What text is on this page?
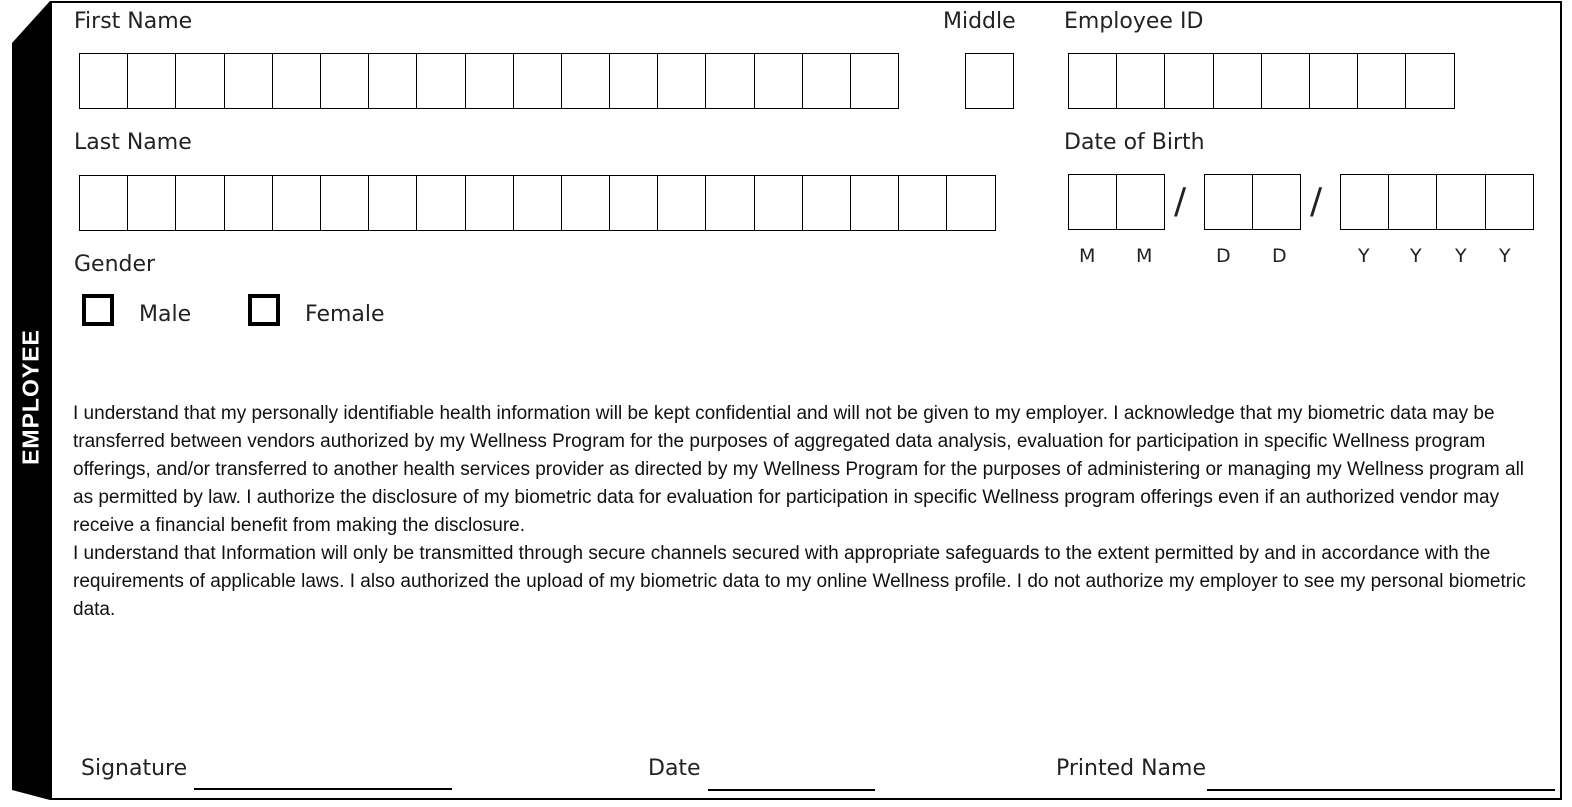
EMPLOYEE
First Name	Middle Employee ID
Last Name	Date of Birth
/	/
M M	D D	Y Y Y Y
Gender
Male	Female

I understand that my personally identifiable health information will be kept confidential and will not be given to my employer. I acknowledge that my biometric data may be transferred between vendors authorized by my Wellness Program for the purposes of aggregated data analysis, evaluation for participation in specific Wellness program offerings, and/or transferred to another health services provider as directed by my Wellness Program for the purposes of administering or managing my Wellness program all as permitted by law. I authorize the disclosure of my biometric data for evaluation for participation in specific Wellness program offerings even if an authorized vendor may receive a financial benefit from making the disclosure.

I understand that Information will only be transmitted through secure channels secured with appropriate safeguards to the extent permitted by and in accordance with the requirements of applicable laws. I also authorized the upload of my biometric data to my online Wellness profile. I do not authorize my employer to see my personal biometric data.

Signature	Date	Printed Name
